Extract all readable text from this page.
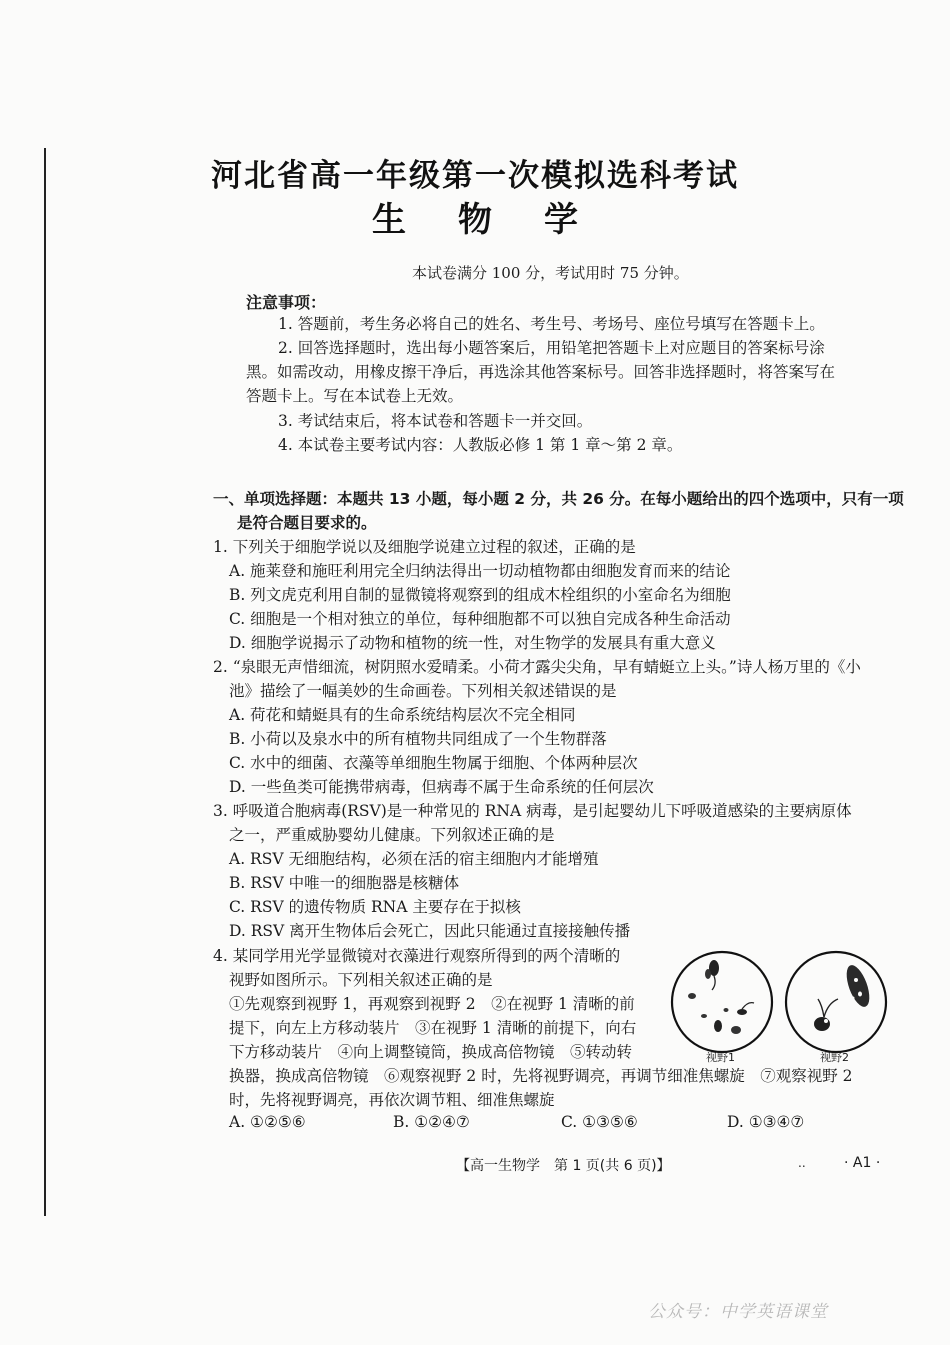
河北省高一年级第一次模拟选科考试
生物学
本试卷满分 100 分，考试用时 75 分钟。
注意事项：
1. 答题前，考生务必将自己的姓名、考生号、考场号、座位号填写在答题卡上。
2. 回答选择题时，选出每小题答案后，用铅笔把答题卡上对应题目的答案标号涂
黑。如需改动，用橡皮擦干净后，再选涂其他答案标号。回答非选择题时，将答案写在
答题卡上。写在本试卷上无效。
3. 考试结束后，将本试卷和答题卡一并交回。
4. 本试卷主要考试内容：人教版必修 1 第 1 章～第 2 章。
一、单项选择题：本题共 13 小题，每小题 2 分，共 26 分。在每小题给出的四个选项中，只有一项
是符合题目要求的。
1. 下列关于细胞学说以及细胞学说建立过程的叙述，正确的是
A. 施莱登和施旺利用完全归纳法得出一切动植物都由细胞发育而来的结论
B. 列文虎克利用自制的显微镜将观察到的组成木栓组织的小室命名为细胞
C. 细胞是一个相对独立的单位，每种细胞都不可以独自完成各种生命活动
D. 细胞学说揭示了动物和植物的统一性，对生物学的发展具有重大意义
2. “泉眼无声惜细流，树阴照水爱晴柔。小荷才露尖尖角，早有蜻蜓立上头。”诗人杨万里的《小
池》描绘了一幅美妙的生命画卷。下列相关叙述错误的是
A. 荷花和蜻蜓具有的生命系统结构层次不完全相同
B. 小荷以及泉水中的所有植物共同组成了一个生物群落
C. 水中的细菌、衣藻等单细胞生物属于细胞、个体两种层次
D. 一些鱼类可能携带病毒，但病毒不属于生命系统的任何层次
3. 呼吸道合胞病毒(RSV)是一种常见的 RNA 病毒，是引起婴幼儿下呼吸道感染的主要病原体
之一，严重威胁婴幼儿健康。下列叙述正确的是
A. RSV 无细胞结构，必须在活的宿主细胞内才能增殖
B. RSV 中唯一的细胞器是核糖体
C. RSV 的遗传物质 RNA 主要存在于拟核
D. RSV 离开生物体后会死亡，因此只能通过直接接触传播
4. 某同学用光学显微镜对衣藻进行观察所得到的两个清晰的
视野如图所示。下列相关叙述正确的是
①先观察到视野 1，再观察到视野 2　②在视野 1 清晰的前
提下，向左上方移动装片　③在视野 1 清晰的前提下，向右
下方移动装片　④向上调整镜筒，换成高倍物镜　⑤转动转
换器，换成高倍物镜　⑥观察视野 2 时，先将视野调亮，再调节细准焦螺旋　⑦观察视野 2
时，先将视野调亮，再依次调节粗、细准焦螺旋
视野1	视野2
A. ①②⑤⑥	B. ①②④⑦	C. ①③⑤⑥	D. ①③④⑦
【高一生物学　第 1 页(共 6 页)】	..	· A1 ·
公众号：中学英语课堂
